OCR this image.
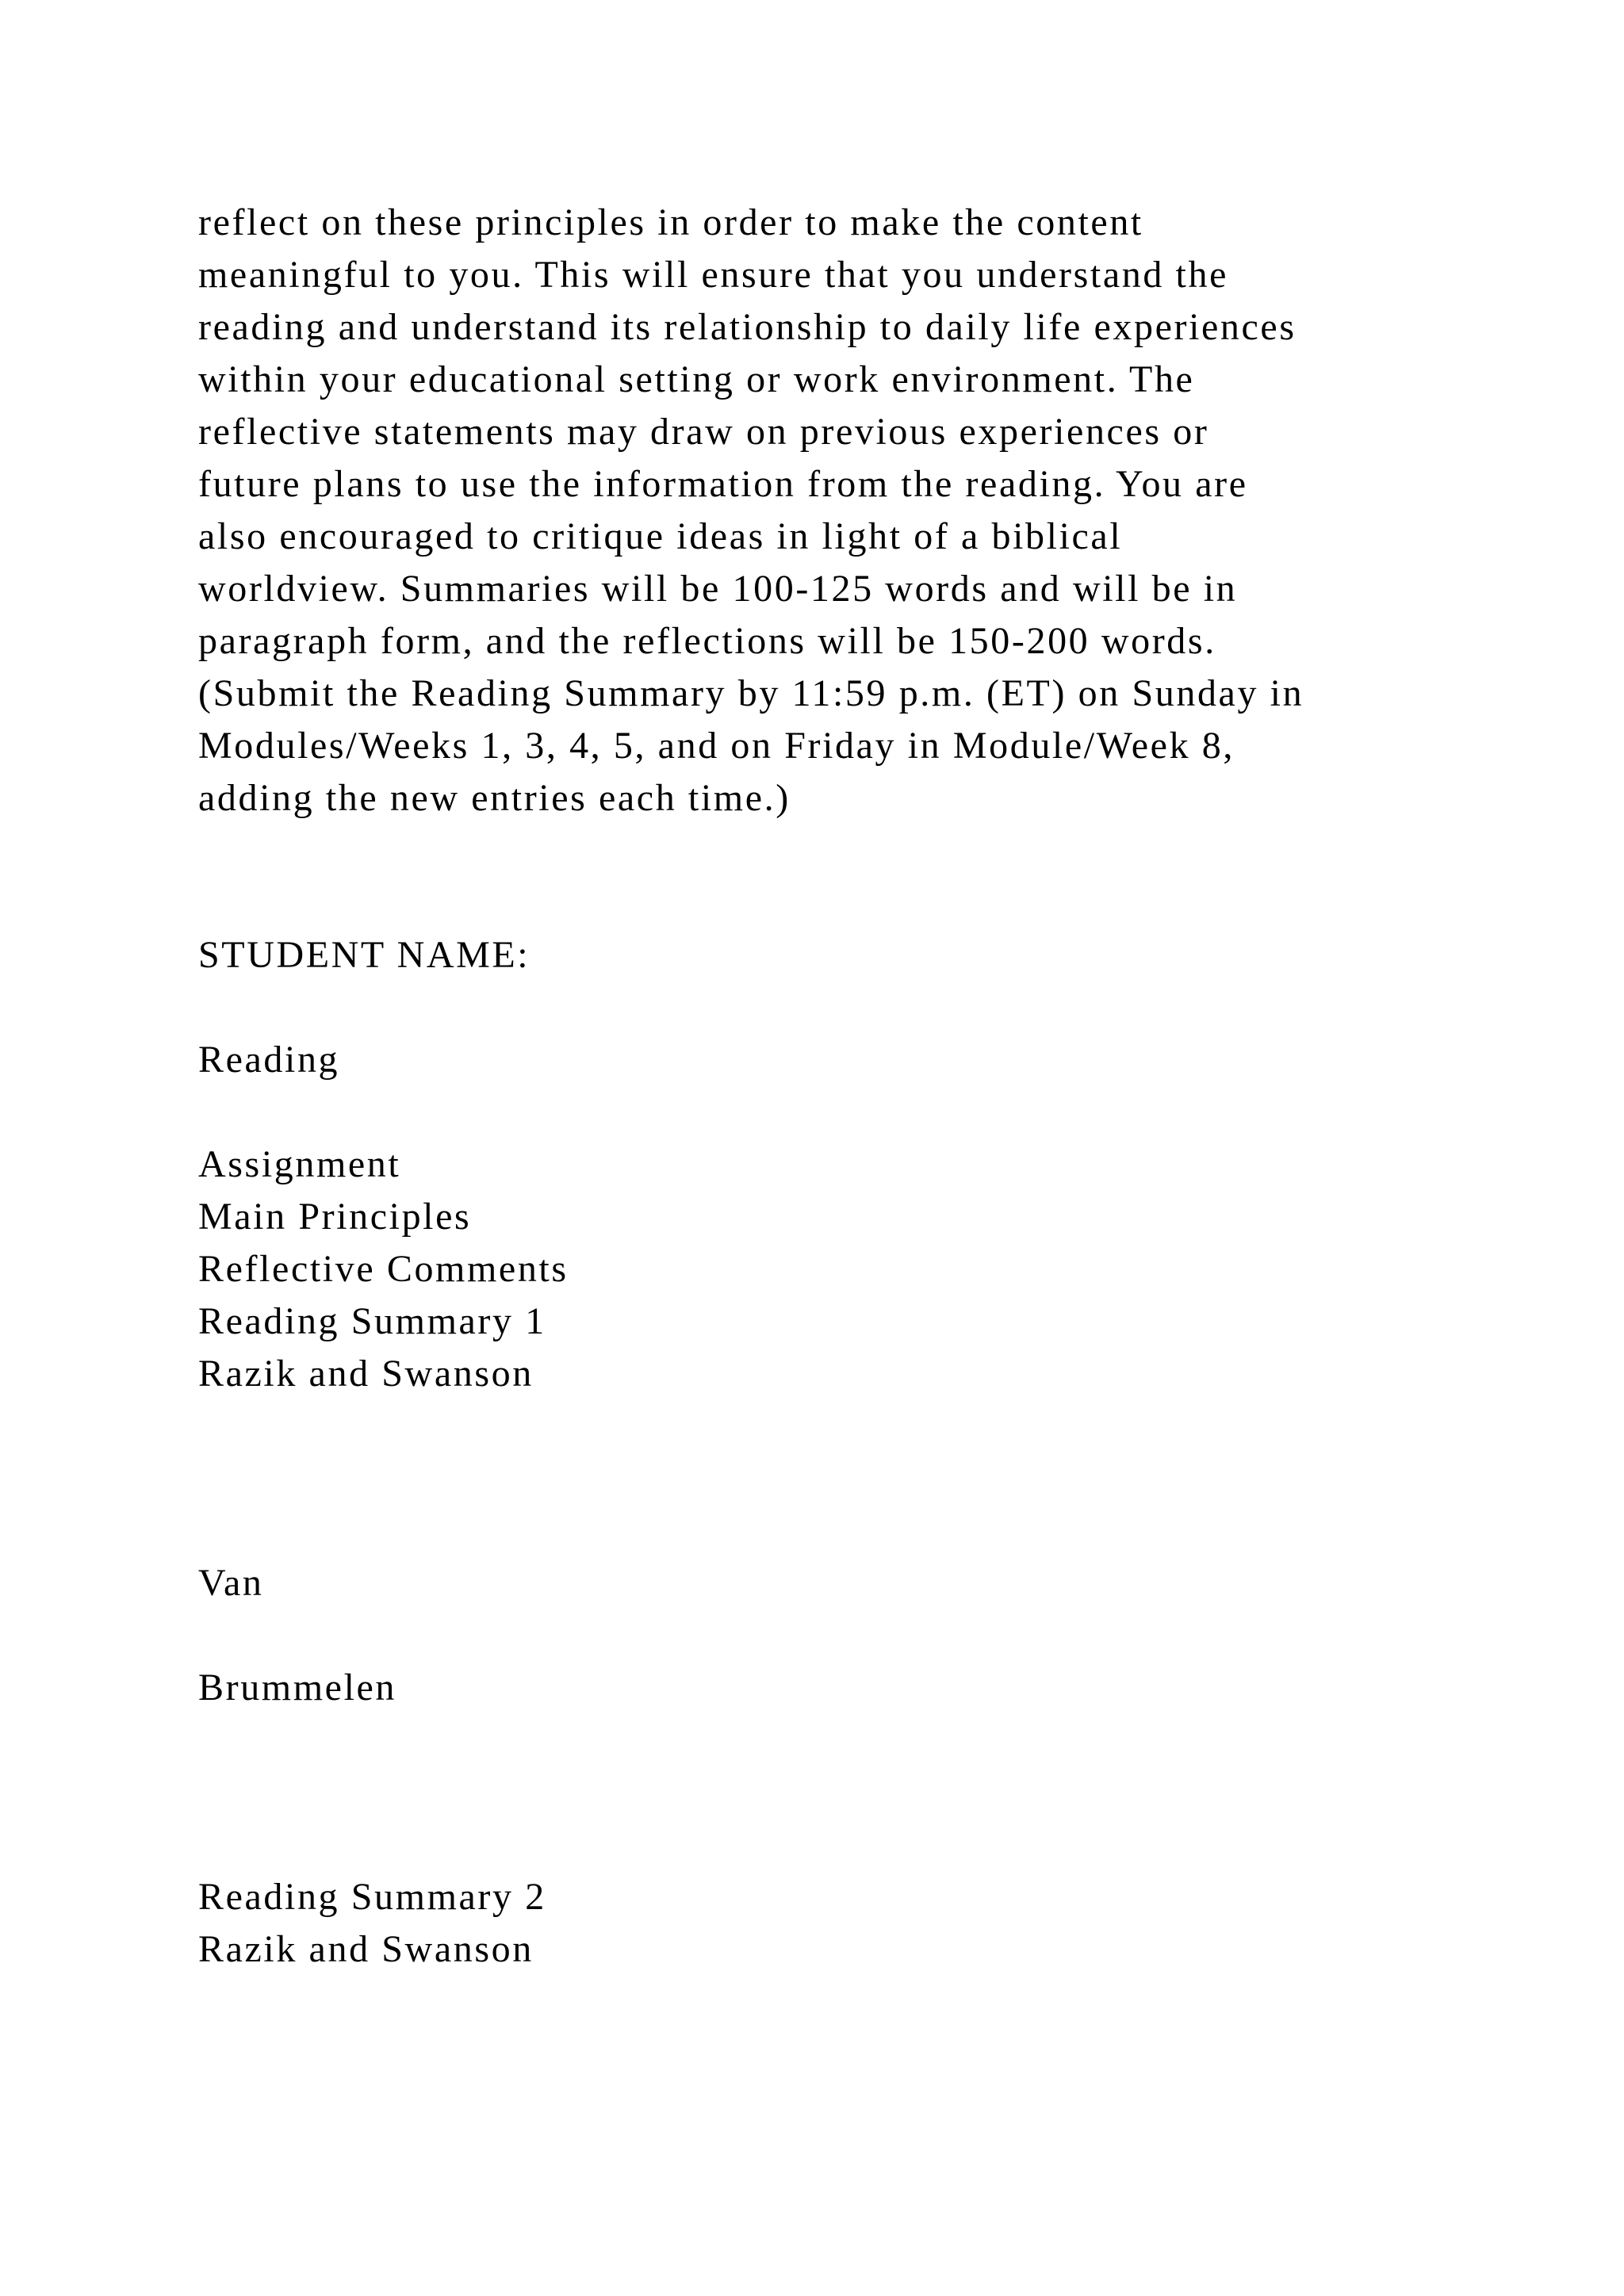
reflect on these principles in order to make the content
meaningful to you. This will ensure that you understand the
reading and understand its relationship to daily life experiences
within your educational setting or work environment. The
reflective statements may draw on previous experiences or
future plans to use the information from the reading. You are
also encouraged to critique ideas in light of a biblical
worldview. Summaries will be 100-125 words and will be in
paragraph form, and the reflections will be 150-200 words.
(Submit the Reading Summary by 11:59 p.m. (ET) on Sunday in
Modules/Weeks 1, 3, 4, 5, and on Friday in Module/Week 8,
adding the new entries each time.)
STUDENT NAME:
Reading
Assignment
Main Principles
Reflective Comments
Reading Summary 1
Razik and Swanson
Van
Brummelen
Reading Summary 2
Razik and Swanson
